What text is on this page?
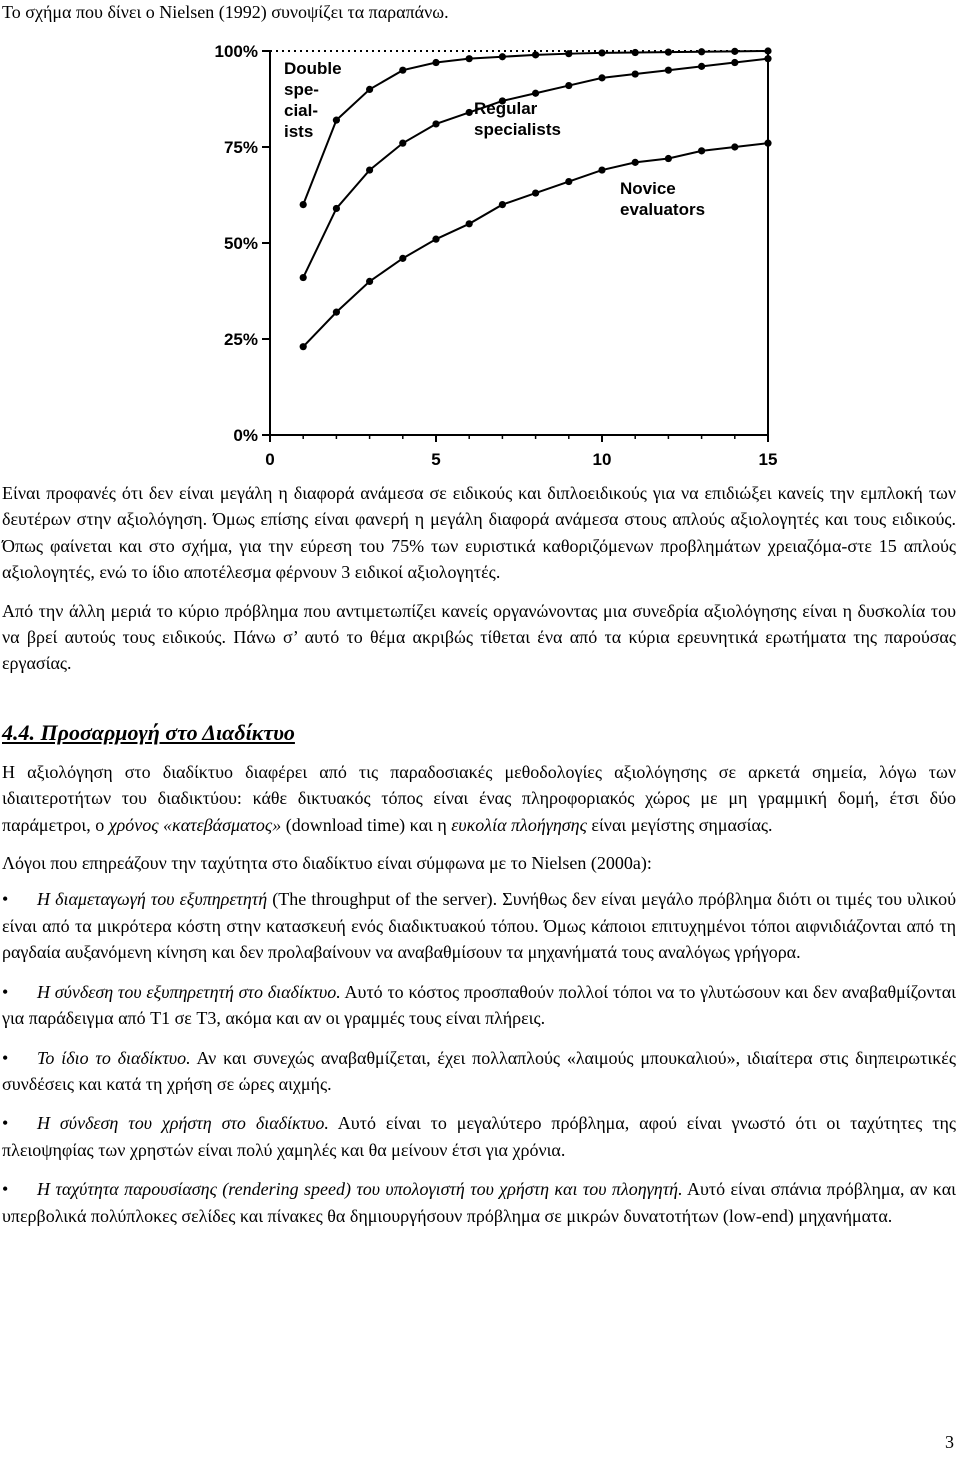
Το σχήμα που δίνει ο Nielsen (1992) συνοψίζει τα παραπάνω.

0%
25%
50%
75%
100%
0	5	10	15
Double
spe-
cial-
ists
Regular
specialists
Novice
evaluators

Είναι προφανές ότι δεν είναι μεγάλη η διαφορά ανάμεσα σε ειδικούς και διπλοειδικούς για να επιδιώξει κανείς την εμπλοκή των δευτέρων στην αξιολόγηση. Όμως επίσης είναι φανερή η μεγάλη διαφορά ανάμεσα στους απλούς αξιολογητές και τους ειδικούς. Όπως φαίνεται και στο σχήμα, για την εύρεση του 75% των ευριστικά καθοριζόμενων προβλημάτων χρειαζόμα-στε 15 απλούς αξιολογητές, ενώ το ίδιο αποτέλεσμα φέρνουν 3 ειδικοί αξιολογητές.

Από την άλλη μεριά το κύριο πρόβλημα που αντιμετωπίζει κανείς οργανώνοντας μια συνεδρία αξιολόγησης είναι η δυσκολία του να βρεί αυτούς τους ειδικούς. Πάνω σ’ αυτό το θέμα ακριβώς τίθεται ένα από τα κύρια ερευνητικά ερωτήματα της παρούσας εργασίας.

4.4. Προσαρμογή στο Διαδίκτυο

Η αξιολόγηση στο διαδίκτυο διαφέρει από τις παραδοσιακές μεθοδολογίες αξιολόγησης σε αρκετά σημεία, λόγω των ιδιαιτεροτήτων του διαδικτύου: κάθε δικτυακός τόπος είναι ένας πληροφοριακός χώρος με μη γραμμική δομή, έτσι δύο παράμετροι, ο χρόνος «κατεβάσματος» (download time) και η ευκολία πλοήγησης είναι μεγίστης σημασίας.

Λόγοι που επηρεάζουν την ταχύτητα στο διαδίκτυο είναι σύμφωνα με το Nielsen (2000a):

• Η διαμεταγωγή του εξυπηρετητή (The throughput of the server). Συνήθως δεν είναι μεγάλο πρόβλημα διότι οι τιμές του υλικού είναι από τα μικρότερα κόστη στην κατασκευή ενός διαδικτυακού τόπου. Όμως κάποιοι επιτυχημένοι τόποι αιφνιδιάζονται από τη ραγδαία αυξανόμενη κίνηση και δεν προλαβαίνουν να αναβαθμίσουν τα μηχανήματά τους αναλόγως γρήγορα.
• Η σύνδεση του εξυπηρετητή στο διαδίκτυο. Αυτό το κόστος προσπαθούν πολλοί τόποι να το γλυτώσουν και δεν αναβαθμίζονται για παράδειγμα από T1 σε T3, ακόμα και αν οι γραμμές τους είναι πλήρεις.
• Το ίδιο το διαδίκτυο. Αν και συνεχώς αναβαθμίζεται, έχει πολλαπλούς «λαιμούς μπουκαλιού», ιδιαίτερα στις διηπειρωτικές συνδέσεις και κατά τη χρήση σε ώρες αιχμής.
• Η σύνδεση του χρήστη στο διαδίκτυο. Αυτό είναι το μεγαλύτερο πρόβλημα, αφού είναι γνωστό ότι οι ταχύτητες της πλειοψηφίας των χρηστών είναι πολύ χαμηλές και θα μείνουν έτσι για χρόνια.
• Η ταχύτητα παρουσίασης (rendering speed) του υπολογιστή του χρήστη και του πλοηγητή. Αυτό είναι σπάνια πρόβλημα, αν και υπερβολικά πολύπλοκες σελίδες και πίνακες θα δημιουργήσουν πρόβλημα σε μικρών δυνατοτήτων (low-end) μηχανήματα.
3
